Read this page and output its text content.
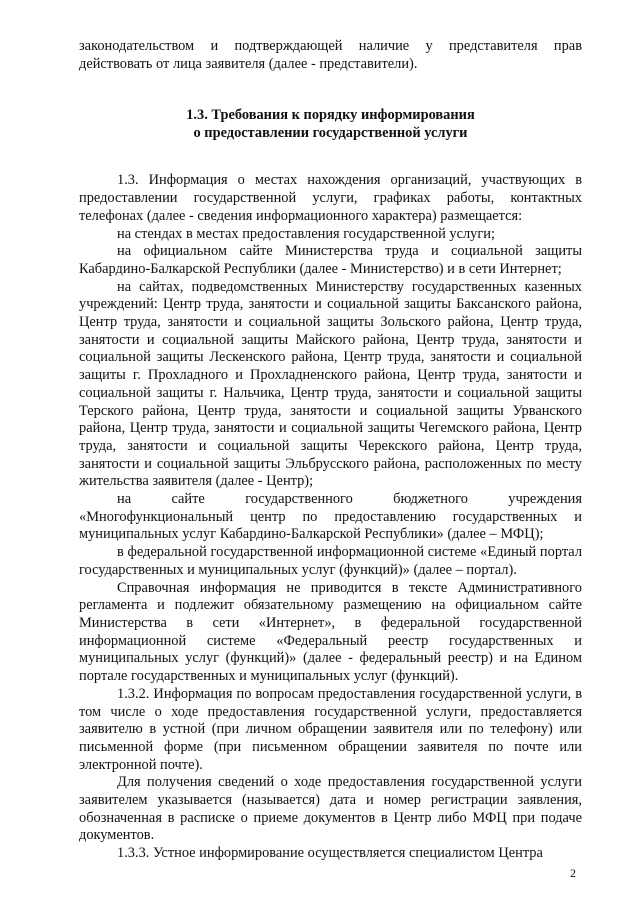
законодательством и подтверждающей наличие у представителя прав действовать от лица заявителя (далее - представители).

1.3. Требования к порядку информирования
о предоставлении государственной услуги

1.3. Информация о местах нахождения организаций, участвующих в предоставлении государственной услуги, графиках работы, контактных телефонах (далее - сведения информационного характера) размещается:

на стендах в местах предоставления государственной услуги;

на официальном сайте Министерства труда и социальной защиты Кабардино-Балкарской Республики (далее - Министерство) и в сети Интернет;

на сайтах, подведомственных Министерству государственных казенных учреждений: Центр труда, занятости и социальной защиты Баксанского района, Центр труда, занятости и социальной защиты Зольского района, Центр труда, занятости и социальной защиты Майского района, Центр труда, занятости и социальной защиты Лескенского района, Центр труда, занятости и социальной защиты г. Прохладного и Прохладненского района, Центр труда, занятости и социальной защиты г. Нальчика, Центр труда, занятости и социальной защиты Терского района, Центр труда, занятости и социальной защиты Урванского района, Центр труда, занятости и социальной защиты Чегемского района, Центр труда, занятости и социальной защиты Черекского района, Центр труда, занятости и социальной защиты Эльбрусского района, расположенных по месту жительства заявителя (далее - Центр);

на сайте государственного бюджетного учреждения «Многофункциональный центр по предоставлению государственных и муниципальных услуг Кабардино-Балкарской Республики» (далее – МФЦ);

в федеральной государственной информационной системе «Единый портал государственных и муниципальных услуг (функций)» (далее – портал).

Справочная информация не приводится в тексте Административного регламента и подлежит обязательному размещению на официальном сайте Министерства в сети «Интернет», в федеральной государственной информационной системе «Федеральный реестр государственных и муниципальных услуг (функций)» (далее - федеральный реестр) и на Едином портале государственных и муниципальных услуг (функций).

1.3.2. Информация по вопросам предоставления государственной услуги, в том числе о ходе предоставления государственной услуги, предоставляется заявителю в устной (при личном обращении заявителя или по телефону) или письменной форме (при письменном обращении заявителя по почте или электронной почте).

Для получения сведений о ходе предоставления государственной услуги заявителем указывается (называется) дата и номер регистрации заявления, обозначенная в расписке о приеме документов в Центр либо МФЦ при подаче документов.

1.3.3. Устное информирование осуществляется специалистом Центра

2
